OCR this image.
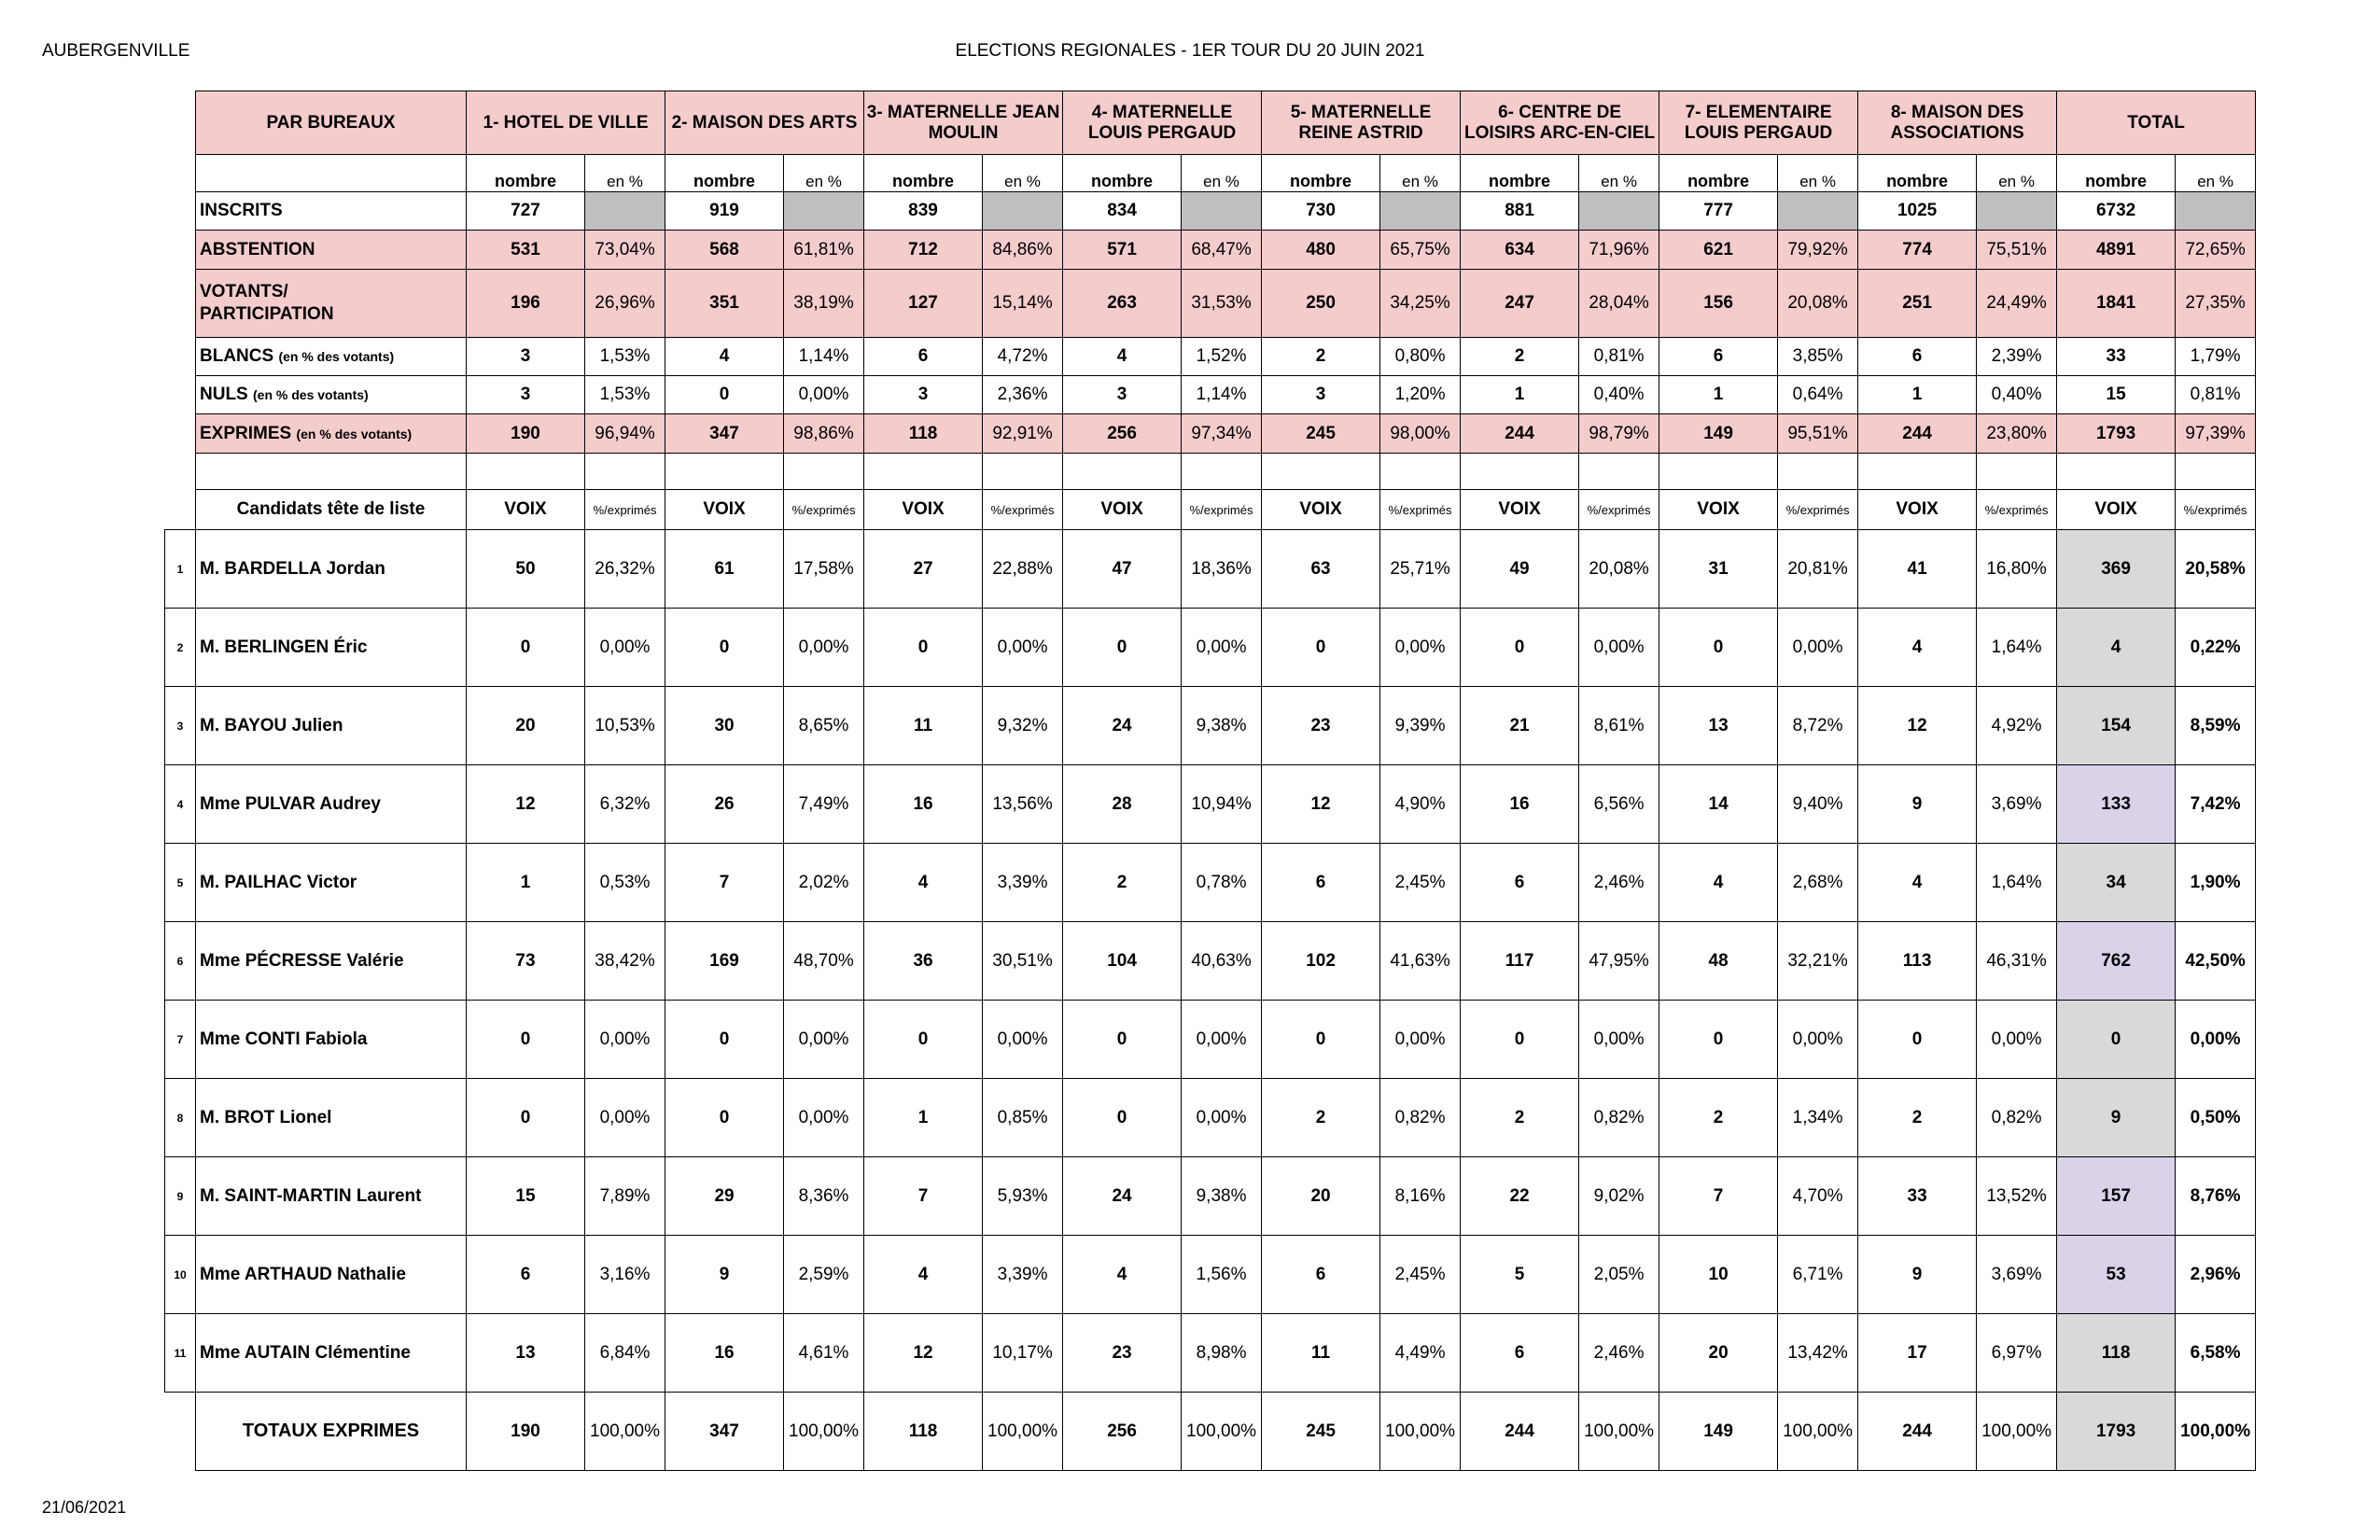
AUBERGENVILLE	ELECTIONS REGIONALES - 1ER TOUR DU 20 JUIN 2021
	PAR BUREAUX	1- HOTEL DE VILLE		2- MAISON DES ARTS		3- MATERNELLE JEAN MOULIN		4- MATERNELLE LOUIS PERGAUD		5- MATERNELLE REINE ASTRID		6- CENTRE DE LOISIRS ARC-EN-CIEL		7- ELEMENTAIRE LOUIS PERGAUD		8- MAISON DES ASSOCIATIONS		TOTAL	
		nombre	en %	nombre	en %	nombre	en %	nombre	en %	nombre	en %	nombre	en %	nombre	en %	nombre	en %	nombre	en %
	INSCRITS	727		919		839		834		730		881		777		1025		6732	
	ABSTENTION	531	73,04%	568	61,81%	712	84,86%	571	68,47%	480	65,75%	634	71,96%	621	79,92%	774	75,51%	4891	72,65%
	VOTANTS/
PARTICIPATION	196	26,96%	351	38,19%	127	15,14%	263	31,53%	250	34,25%	247	28,04%	156	20,08%	251	24,49%	1841	27,35%
	BLANCS (en % des votants)	3	1,53%	4	1,14%	6	4,72%	4	1,52%	2	0,80%	2	0,81%	6	3,85%	6	2,39%	33	1,79%
	NULS (en % des votants)	3	1,53%	0	0,00%	3	2,36%	3	1,14%	3	1,20%	1	0,40%	1	0,64%	1	0,40%	15	0,81%
	EXPRIMES (en % des votants)	190	96,94%	347	98,86%	118	92,91%	256	97,34%	245	98,00%	244	98,79%	149	95,51%	244	23,80%	1793	97,39%

	Candidats tête de liste	VOIX	%/exprimés	VOIX	%/exprimés	VOIX	%/exprimés	VOIX	%/exprimés	VOIX	%/exprimés	VOIX	%/exprimés	VOIX	%/exprimés	VOIX	%/exprimés	VOIX	%/exprimés
1	M. BARDELLA Jordan	50	26,32%	61	17,58%	27	22,88%	47	18,36%	63	25,71%	49	20,08%	31	20,81%	41	16,80%	369	20,58%
2	M. BERLINGEN Éric	0	0,00%	0	0,00%	0	0,00%	0	0,00%	0	0,00%	0	0,00%	0	0,00%	4	1,64%	4	0,22%
3	M. BAYOU Julien	20	10,53%	30	8,65%	11	9,32%	24	9,38%	23	9,39%	21	8,61%	13	8,72%	12	4,92%	154	8,59%
4	Mme PULVAR Audrey	12	6,32%	26	7,49%	16	13,56%	28	10,94%	12	4,90%	16	6,56%	14	9,40%	9	3,69%	133	7,42%
5	M. PAILHAC Victor	1	0,53%	7	2,02%	4	3,39%	2	0,78%	6	2,45%	6	2,46%	4	2,68%	4	1,64%	34	1,90%
6	Mme PÉCRESSE Valérie	73	38,42%	169	48,70%	36	30,51%	104	40,63%	102	41,63%	117	47,95%	48	32,21%	113	46,31%	762	42,50%
7	Mme CONTI Fabiola	0	0,00%	0	0,00%	0	0,00%	0	0,00%	0	0,00%	0	0,00%	0	0,00%	0	0,00%	0	0,00%
8	M. BROT Lionel	0	0,00%	0	0,00%	1	0,85%	0	0,00%	2	0,82%	2	0,82%	2	1,34%	2	0,82%	9	0,50%
9	M. SAINT-MARTIN Laurent	15	7,89%	29	8,36%	7	5,93%	24	9,38%	20	8,16%	22	9,02%	7	4,70%	33	13,52%	157	8,76%
10	Mme ARTHAUD Nathalie	6	3,16%	9	2,59%	4	3,39%	4	1,56%	6	2,45%	5	2,05%	10	6,71%	9	3,69%	53	2,96%
11	Mme AUTAIN Clémentine	13	6,84%	16	4,61%	12	10,17%	23	8,98%	11	4,49%	6	2,46%	20	13,42%	17	6,97%	118	6,58%
	TOTAUX EXPRIMES	190	100,00%	347	100,00%	118	100,00%	256	100,00%	245	100,00%	244	100,00%	149	100,00%	244	100,00%	1793	100,00%
21/06/2021
